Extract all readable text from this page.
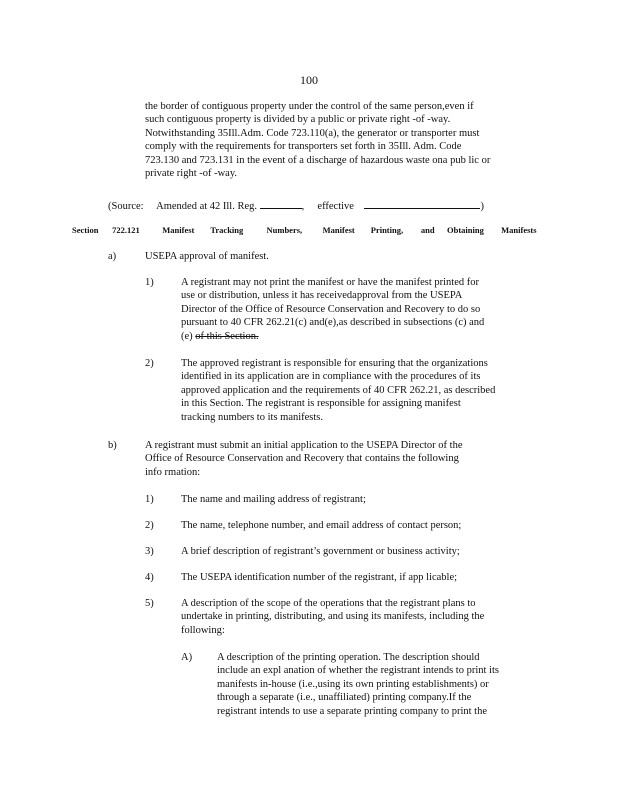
100

the border of contiguous property under the control of the same person,even if

such contiguous property is divided by a public or private right -of -way.

Notwithstanding 35Ill.Adm. Code 723.110(a), the generator or transporter must

comply with the requirements for transporters set forth in 35Ill. Adm. Code

723.130 and 723.131 in the event of a discharge of hazardous waste ona pub lic or

private right -of -way.

(Source: Amended at 42 Ill. Reg.	, effective	)
Section 722.121	Manifest Tracking	Numbers, Manifest Printing, and Obtaining Manifests
a)	USEPA approval of manifest.
1)	A registrant may not print the manifest or have the manifest printed for

use or distribution, unless it has receivedapproval from the USEPA

Director of the Office of Resource Conservation and Recovery to do so

pursuant to 40 CFR 262.21(c) and(e),as described in subsections (c) and

(e) of this Section.

2)	The approved registrant is responsible for ensuring that the organizations

identified in its application are in compliance with the procedures of its

approved application and the requirements of 40 CFR 262.21, as described

in this Section. The registrant is responsible for assigning manifest

tracking numbers to its manifests.

b)	A registrant must submit an initial application to the USEPA Director of the

Office of Resource Conservation and Recovery that contains the following

info rmation:

1)	The name and mailing address of registrant;
2)	The name, telephone number, and email address of contact person;
3)	A brief description of registrant’s government or business activity;
4)	The USEPA identification number of the registrant, if app licable;
5)	A description of the scope of the operations that the registrant plans to

undertake in printing, distributing, and using its manifests, including the

following:

A) A description of the printing operation. The description should

include an expl anation of whether the registrant intends to print its

manifests in-house (i.e.,using its own printing establishments) or

through a separate (i.e., unaffiliated) printing company.If the

registrant intends to use a separate printing company to print the
